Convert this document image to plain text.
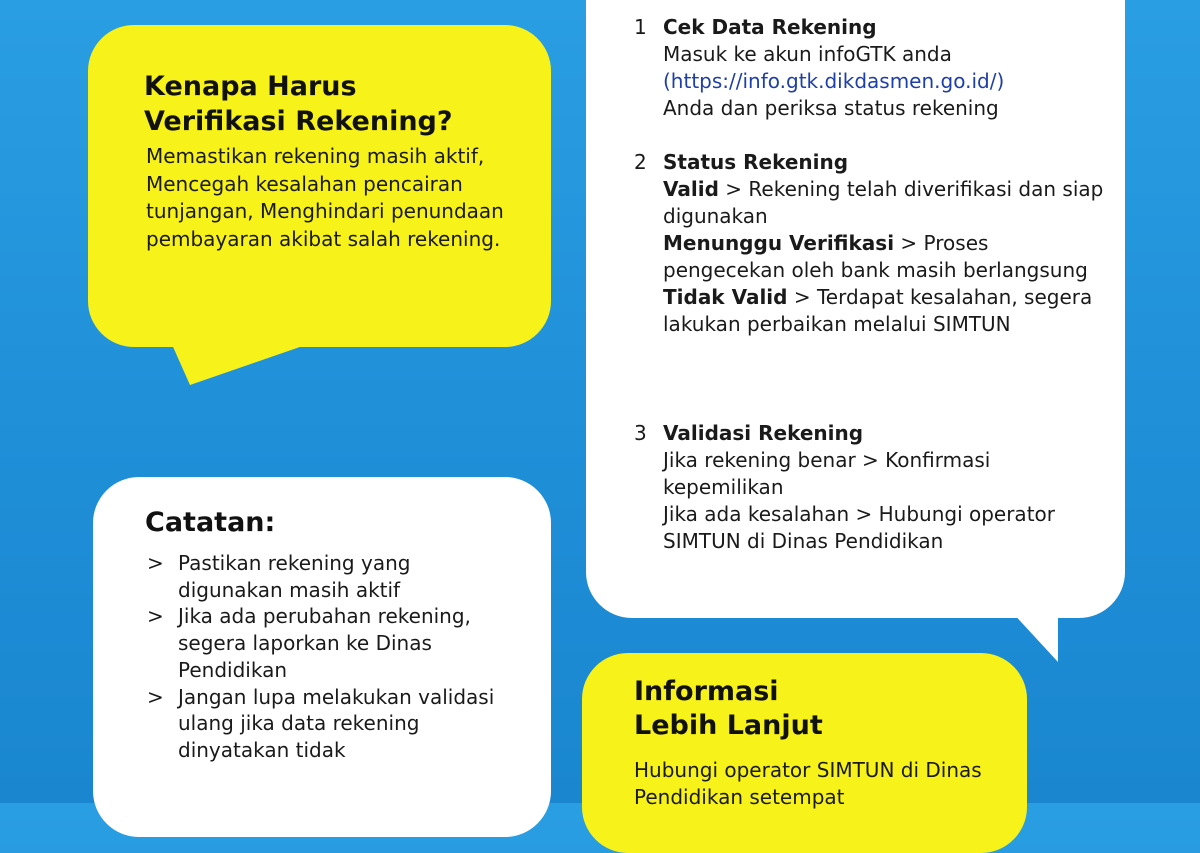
Kenapa Harus
Verifikasi Rekening?

Memastikan rekening masih aktif, Mencegah kesalahan pencairan tunjangan, Menghindari penundaan pembayaran akibat salah rekening.

Catatan:
> Pastikan rekening yang digunakan masih aktif
> Jika ada perubahan rekening, segera laporkan ke Dinas Pendidikan
> Jangan lupa melakukan validasi ulang jika data rekening dinyatakan tidak
1 Cek Data Rekening
Masuk ke akun infoGTK anda
(https://info.gtk.dikdasmen.go.id/)
Anda dan periksa status rekening
2 Status Rekening
Valid > Rekening telah diverifikasi dan siap digunakan
Menunggu Verifikasi > Proses pengecekan oleh bank masih berlangsung
Tidak Valid > Terdapat kesalahan, segera lakukan perbaikan melalui SIMTUN
3 Validasi Rekening
Jika rekening benar > Konfirmasi kepemilikan
Jika ada kesalahan > Hubungi operator SIMTUN di Dinas Pendidikan
Informasi
Lebih Lanjut

Hubungi operator SIMTUN di Dinas Pendidikan setempat
